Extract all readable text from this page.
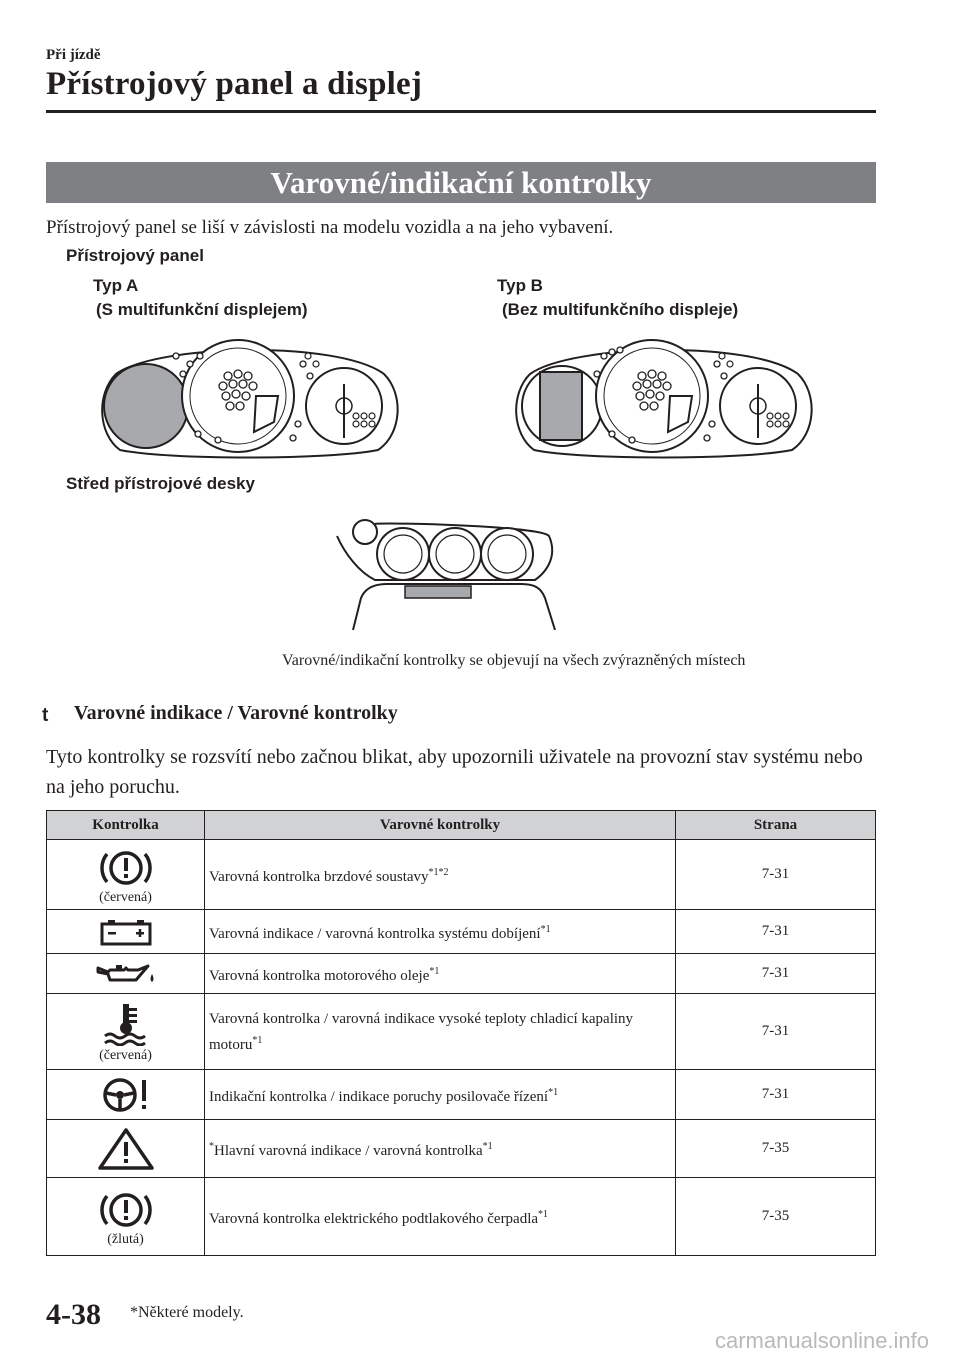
Při jízdě
Přístrojový panel a displej
Varovné/indikační kontrolky
Přístrojový panel se liší v závislosti na modelu vozidla a na jeho vybavení.
Přístrojový panel
Typ A
(S multifunkční displejem)
Typ B
(Bez multifunkčního displeje)
Střed přístrojové desky
Varovné/indikační kontrolky se objevují na všech zvýrazněných místech
t Varovné indikace / Varovné kontrolky
Tyto kontrolky se rozsvítí nebo začnou blikat, aby upozornili uživatele na provozní stav systému nebo na jeho poruchu.
Kontrolka	Varovné kontrolky	Strana

(červená)	Varovná kontrolka brzdové soustavy$^{*1*2}$	7-31

	Varovná indikace / varovná kontrolka systému dobíjení$^{*1}$	7-31

	Varovná kontrolka motorového oleje$^{*1}$	7-31

(červená)	Varovná kontrolka / varovná indikace vysoké teploty chladicí kapaliny motoru$^{*1}$	7-31

	Indikační kontrolka / indikace poruchy posilovače řízení$^{*1}$	7-31

	*Hlavní varovná indikace / varovná kontrolka$^{*1}$	7-35

(žlutá)	Varovná kontrolka elektrického podtlakového čerpadla$^{*1}$	7-35
4-38 *Některé modely.
carmanualsonline.info
